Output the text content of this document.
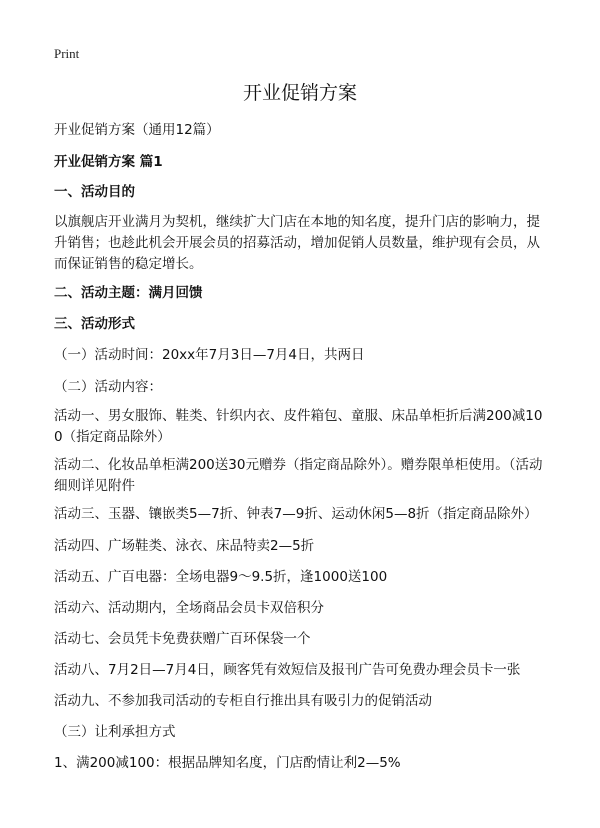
Print
开业促销方案
开业促销方案（通用12篇）
开业促销方案 篇1
一、活动目的
以旗舰店开业满月为契机，继续扩大门店在本地的知名度，提升门店的影响力，提升销售；也趁此机会开展会员的招募活动，增加促销人员数量，维护现有会员，从而保证销售的稳定增长。
二、活动主题：满月回馈
三、活动形式
（一）活动时间：20xx年7月3日—7月4日，共两日
（二）活动内容：
活动一、男女服饰、鞋类、针织内衣、皮件箱包、童服、床品单柜折后满200减100（指定商品除外）
活动二、化妆品单柜满200送30元赠券（指定商品除外）。赠券限单柜使用。（活动细则详见附件
活动三、玉器、镶嵌类5—7折、钟表7—9折、运动休闲5—8折（指定商品除外）
活动四、广场鞋类、泳衣、床品特卖2—5折
活动五、广百电器：全场电器9～9.5折，逢1000送100
活动六、活动期内，全场商品会员卡双倍积分
活动七、会员凭卡免费获赠广百环保袋一个
活动八、7月2日—7月4日，顾客凭有效短信及报刊广告可免费办理会员卡一张
活动九、不参加我司活动的专柜自行推出具有吸引力的促销活动
（三）让利承担方式
1、满200减100：根据品牌知名度，门店酌情让利2—5%
